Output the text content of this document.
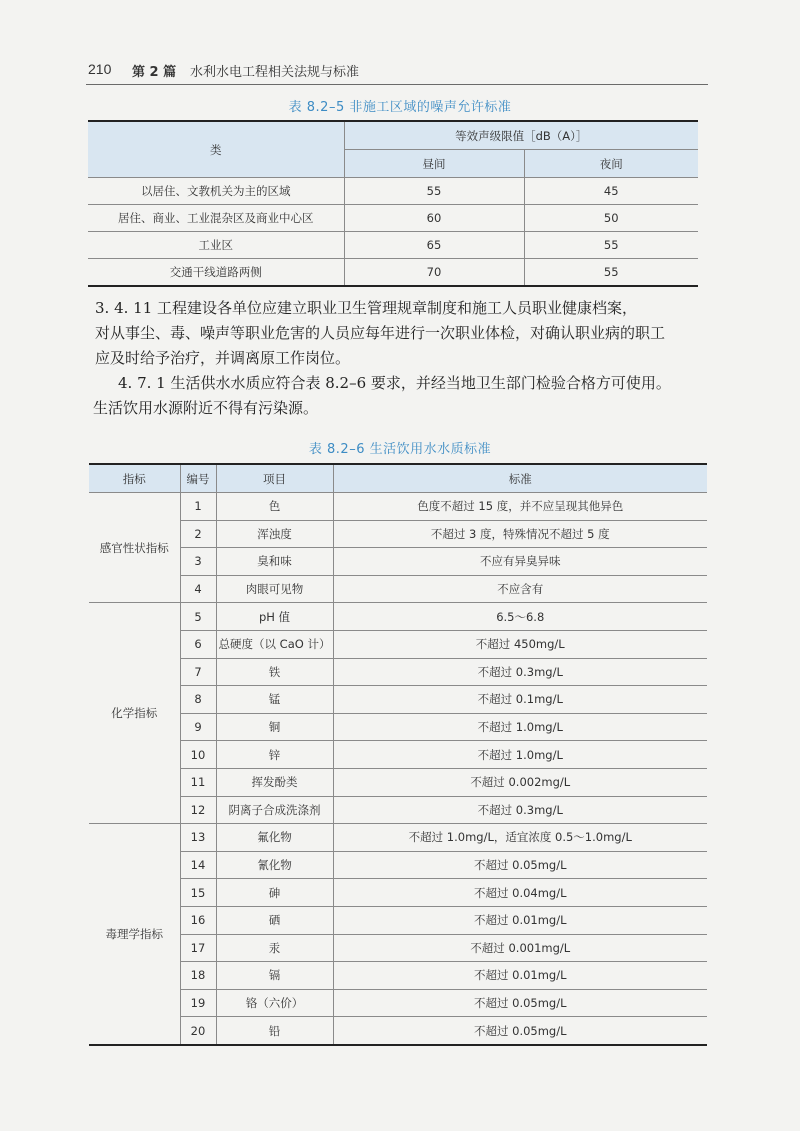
210 第 2 篇 水利水电工程相关法规与标准
表 8.2–5 非施工区域的噪声允许标准
类	等效声级限值［dB（A）］	
	昼间	夜间
以居住、文教机关为主的区域	55	45
居住、商业、工业混杂区及商业中心区	60	50
工业区	65	55
交通干线道路两侧	70	55

3. 4. 11 工程建设各单位应建立职业卫生管理规章制度和施工人员职业健康档案，

对从事尘、毒、噪声等职业危害的人员应每年进行一次职业体检，对确认职业病的职工

应及时给予治疗，并调离原工作岗位。

4. 7. 1 生活供水水质应符合表 8.2–6 要求，并经当地卫生部门检验合格方可使用。

生活饮用水源附近不得有污染源。

表 8.2–6 生活饮用水水质标准
指标	编号	项目	标准
感官性状指标	1	色	色度不超过 15 度，并不应呈现其他异色
	2	浑浊度	不超过 3 度，特殊情况不超过 5 度
	3	臭和味	不应有异臭异味
	4	肉眼可见物	不应含有
化学指标	5	pH 值	6.5～6.8
	6	总硬度（以 CaO 计）	不超过 450mg/L
	7	铁	不超过 0.3mg/L
	8	锰	不超过 0.1mg/L
	9	铜	不超过 1.0mg/L
	10	锌	不超过 1.0mg/L
	11	挥发酚类	不超过 0.002mg/L
	12	阴离子合成洗涤剂	不超过 0.3mg/L
毒理学指标	13	氟化物	不超过 1.0mg/L，适宜浓度 0.5～1.0mg/L
	14	氰化物	不超过 0.05mg/L
	15	砷	不超过 0.04mg/L
	16	硒	不超过 0.01mg/L
	17	汞	不超过 0.001mg/L
	18	镉	不超过 0.01mg/L
	19	铬（六价）	不超过 0.05mg/L
	20	铅	不超过 0.05mg/L
